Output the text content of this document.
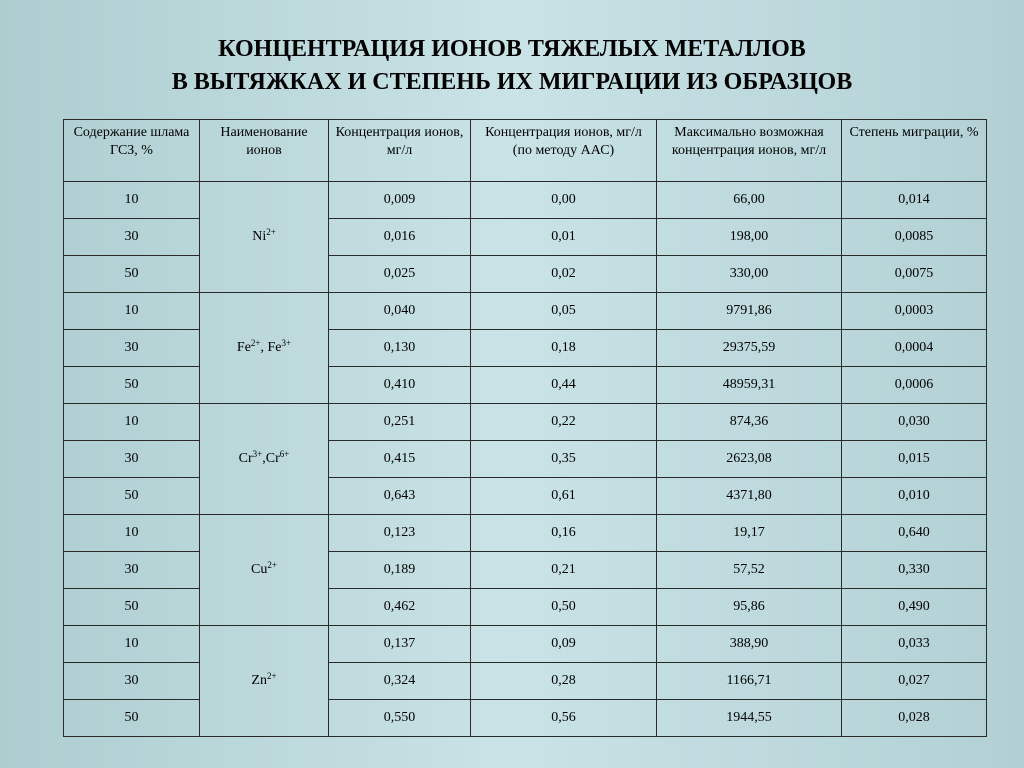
КОНЦЕНТРАЦИЯ ИОНОВ ТЯЖЕЛЫХ МЕТАЛЛОВ
В ВЫТЯЖКАХ И СТЕПЕНЬ ИХ МИГРАЦИИ ИЗ ОБРАЗЦОВ
Содержание шлама ГСЗ, %	Наименование ионов	Концентрация ионов, мг/л	Концентрация ионов, мг/л (по методу ААС)	Максимально возможная концентрация ионов, мг/л	Степень миграции, %
10	$Ni^{2+}$	0,009	0,00	66,00	0,014
30		0,016	0,01	198,00	0,0085
50		0,025	0,02	330,00	0,0075
10	$Fe^{2+}$, $Fe^{3+}$	0,040	0,05	9791,86	0,0003
30		0,130	0,18	29375,59	0,0004
50		0,410	0,44	48959,31	0,0006
10	$Cr^{3+},Cr^{6+}$	0,251	0,22	874,36	0,030
30		0,415	0,35	2623,08	0,015
50		0,643	0,61	4371,80	0,010
10	$Cu^{2+}$	0,123	0,16	19,17	0,640
30		0,189	0,21	57,52	0,330
50		0,462	0,50	95,86	0,490
10	$Zn^{2+}$	0,137	0,09	388,90	0,033
30		0,324	0,28	1166,71	0,027
50		0,550	0,56	1944,55	0,028
